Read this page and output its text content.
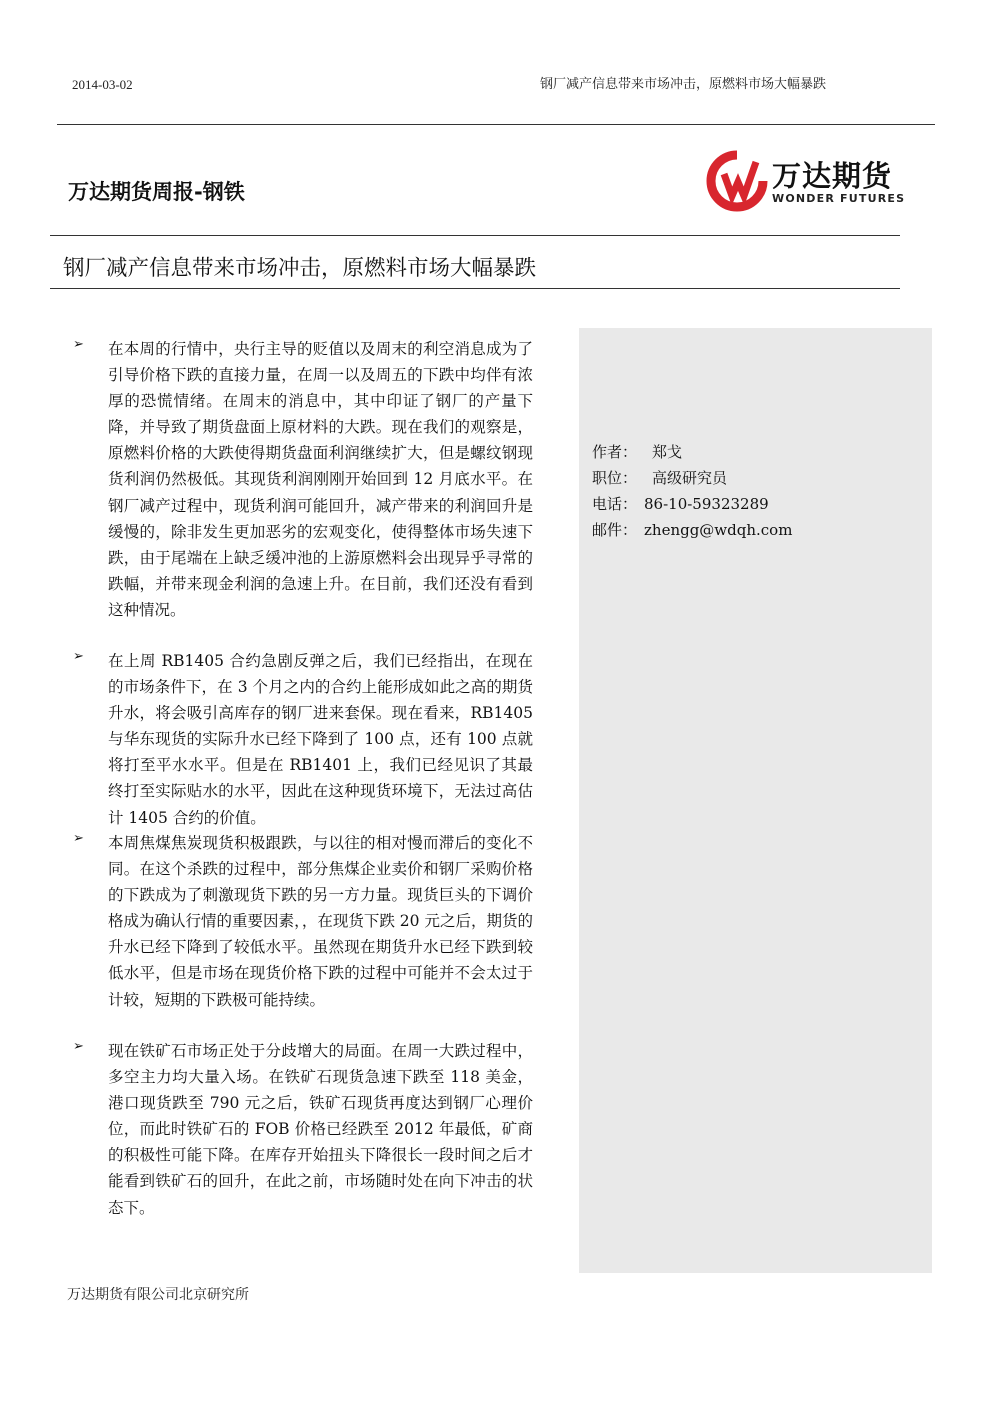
2014-03-02	钢厂减产信息带来市场冲击，原燃料市场大幅暴跌
万达期货周报-钢铁	万达期货
WONDER FUTURES
钢厂减产信息带来市场冲击，原燃料市场大幅暴跌
作者： 郑戈
职位： 高级研究员
电话： 86-10-59323289
邮件： zhengg@wdqh.com
➢ 在本周的行情中，央行主导的贬值以及周末的利空消息成为了引导价格下跌的直接力量，在周一以及周五的下跌中均伴有浓厚的恐慌情绪。在周末的消息中，其中印证了钢厂的产量下降，并导致了期货盘面上原材料的大跌。现在我们的观察是，原燃料价格的大跌使得期货盘面利润继续扩大，但是螺纹钢现货利润仍然极低。其现货利润刚刚开始回到 12 月底水平。在钢厂减产过程中，现货利润可能回升，减产带来的利润回升是缓慢的，除非发生更加恶劣的宏观变化，使得整体市场失速下跌，由于尾端在上缺乏缓冲池的上游原燃料会出现异乎寻常的跌幅，并带来现金利润的急速上升。在目前，我们还没有看到这种情况。

➢ 在上周 RB1405 合约急剧反弹之后，我们已经指出，在现在的市场条件下，在 3 个月之内的合约上能形成如此之高的期货升水，将会吸引高库存的钢厂进来套保。现在看来，RB1405 与华东现货的实际升水已经下降到了 100 点，还有 100 点就将打至平水水平。但是在 RB1401 上，我们已经见识了其最终打至实际贴水的水平，因此在这种现货环境下，无法过高估计 1405 合约的价值。

➢ 本周焦煤焦炭现货积极跟跌，与以往的相对慢而滞后的变化不同。在这个杀跌的过程中，部分焦煤企业卖价和钢厂采购价格的下跌成为了刺激现货下跌的另一方力量。现货巨头的下调价格成为确认行情的重要因素，，在现货下跌 20 元之后，期货的升水已经下降到了较低水平。虽然现在期货升水已经下跌到较低水平，但是市场在现货价格下跌的过程中可能并不会太过于计较，短期的下跌极可能持续。

➢ 现在铁矿石市场正处于分歧增大的局面。在周一大跌过程中，多空主力均大量入场。在铁矿石现货急速下跌至 118 美金，港口现货跌至 790 元之后，铁矿石现货再度达到钢厂心理价位，而此时铁矿石的 FOB 价格已经跌至 2012 年最低，矿商的积极性可能下降。在库存开始扭头下降很长一段时间之后才能看到铁矿石的回升，在此之前，市场随时处在向下冲击的状态下。

万达期货有限公司北京研究所
